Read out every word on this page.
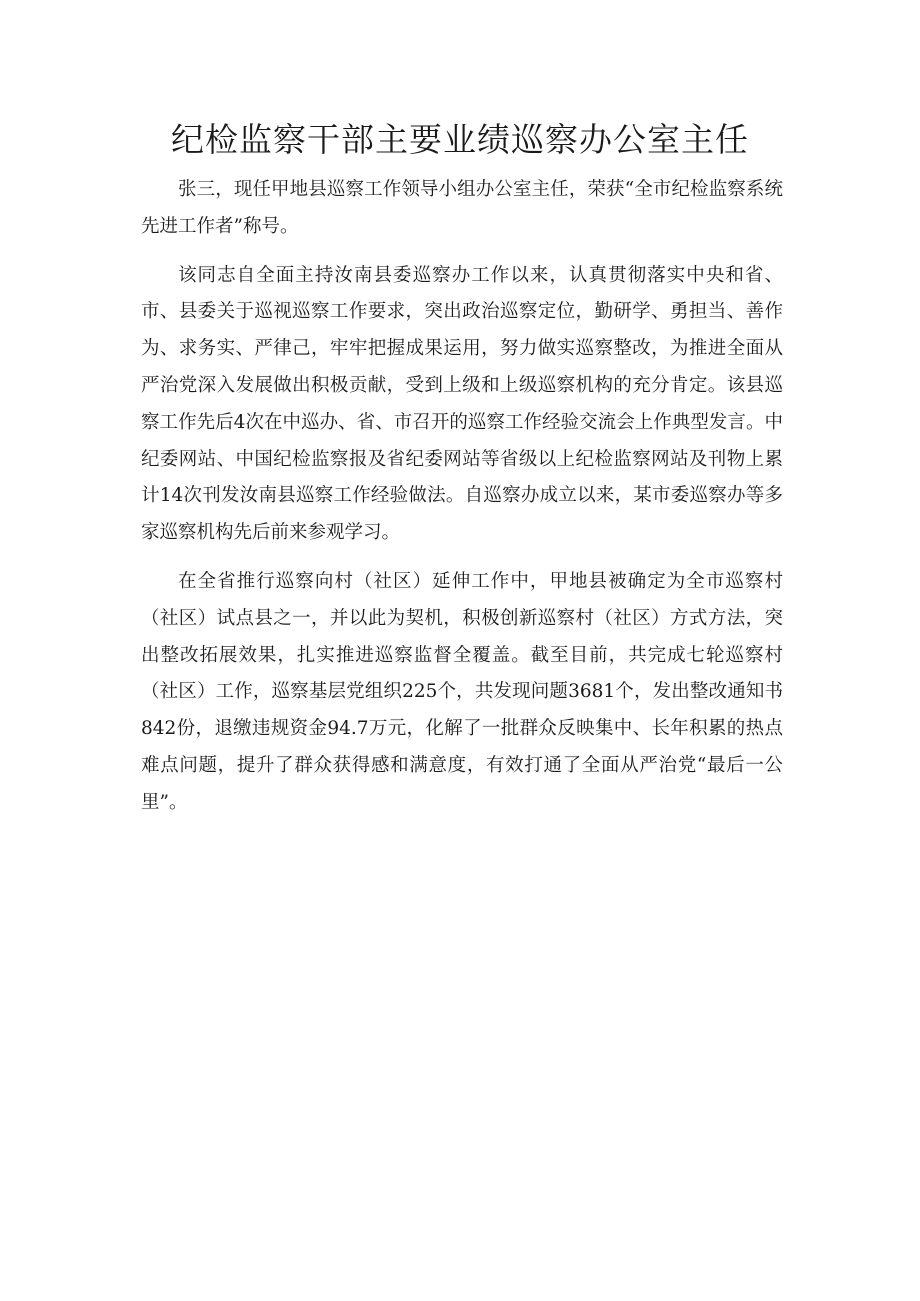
纪检监察干部主要业绩巡察办公室主任

张三，现任甲地县巡察工作领导小组办公室主任，荣获“全市纪检监察系统先进工作者”称号。

该同志自全面主持汝南县委巡察办工作以来，认真贯彻落实中央和省、市、县委关于巡视巡察工作要求，突出政治巡察定位，勤研学、勇担当、善作为、求务实、严律己，牢牢把握成果运用，努力做实巡察整改，为推进全面从严治党深入发展做出积极贡献，受到上级和上级巡察机构的充分肯定。该县巡察工作先后4次在中巡办、省、市召开的巡察工作经验交流会上作典型发言。中纪委网站、中国纪检监察报及省纪委网站等省级以上纪检监察网站及刊物上累计14次刊发汝南县巡察工作经验做法。自巡察办成立以来，某市委巡察办等多家巡察机构先后前来参观学习。

在全省推行巡察向村（社区）延伸工作中，甲地县被确定为全市巡察村（社区）试点县之一，并以此为契机，积极创新巡察村（社区）方式方法，突出整改拓展效果，扎实推进巡察监督全覆盖。截至目前，共完成七轮巡察村（社区）工作，巡察基层党组织225个，共发现问题3681个，发出整改通知书842份，退缴违规资金94.7万元，化解了一批群众反映集中、长年积累的热点难点问题，提升了群众获得感和满意度，有效打通了全面从严治党“最后一公里”。
